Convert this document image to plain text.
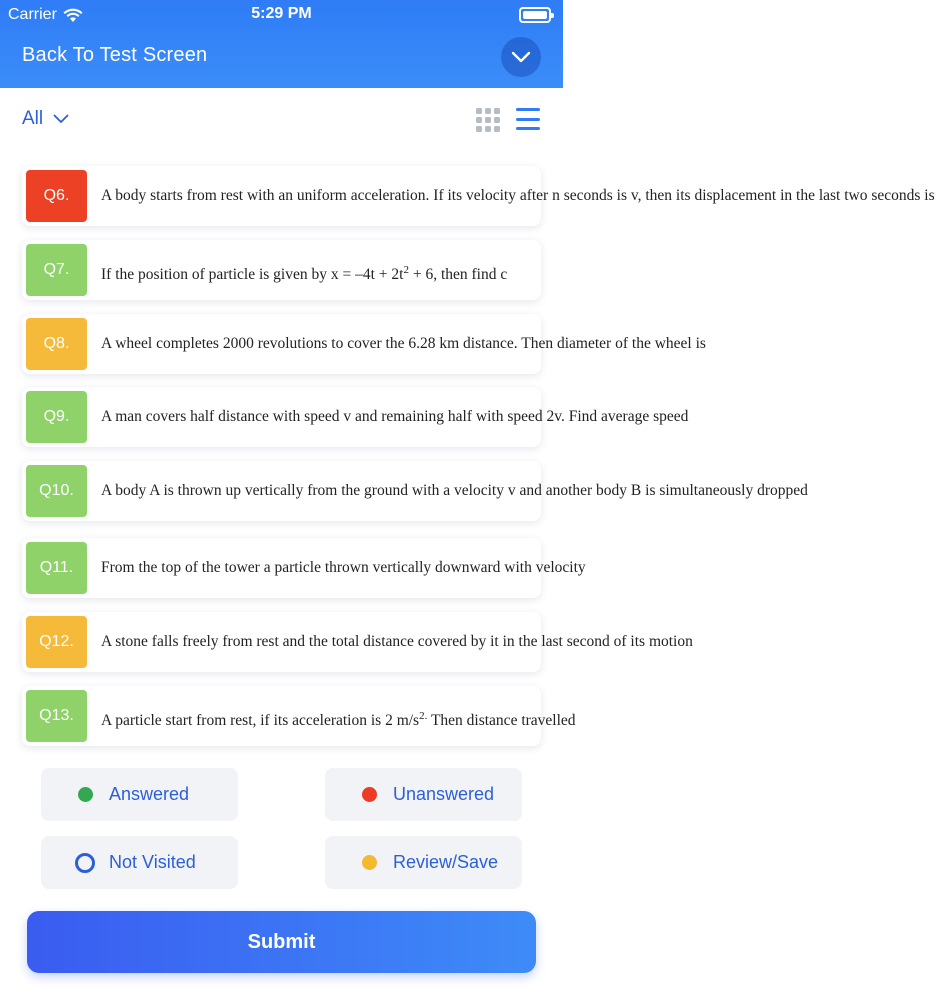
Carrier	5:29 PM
Back To Test Screen
All
Q6.	A body starts from rest with an uniform acceleration. If its velocity after n seconds is v, then its displacement in the last two seconds is
Q7.	If the position of particle is given by $x = -4t + 2t^2 + 6$, then find c
Q8.	A wheel completes 2000 revolutions to cover the 6.28 km distance. Then diameter of the wheel is
Q9.	A man covers half distance with speed v and remaining half with speed 2v. Find average speed
Q10.	A body A is thrown up vertically from the ground with a velocity v and another body B is simultaneously dropped
Q11.	From the top of the tower a particle thrown vertically downward with velocity
Q12.	A stone falls freely from rest and the total distance covered by it in the last second of its motion
Q13.	A particle start from rest, if its acceleration is 2 $m/s^{2.}$ Then distance travelled
Answered	Unanswered
Not Visited	Review/Save
Submit
